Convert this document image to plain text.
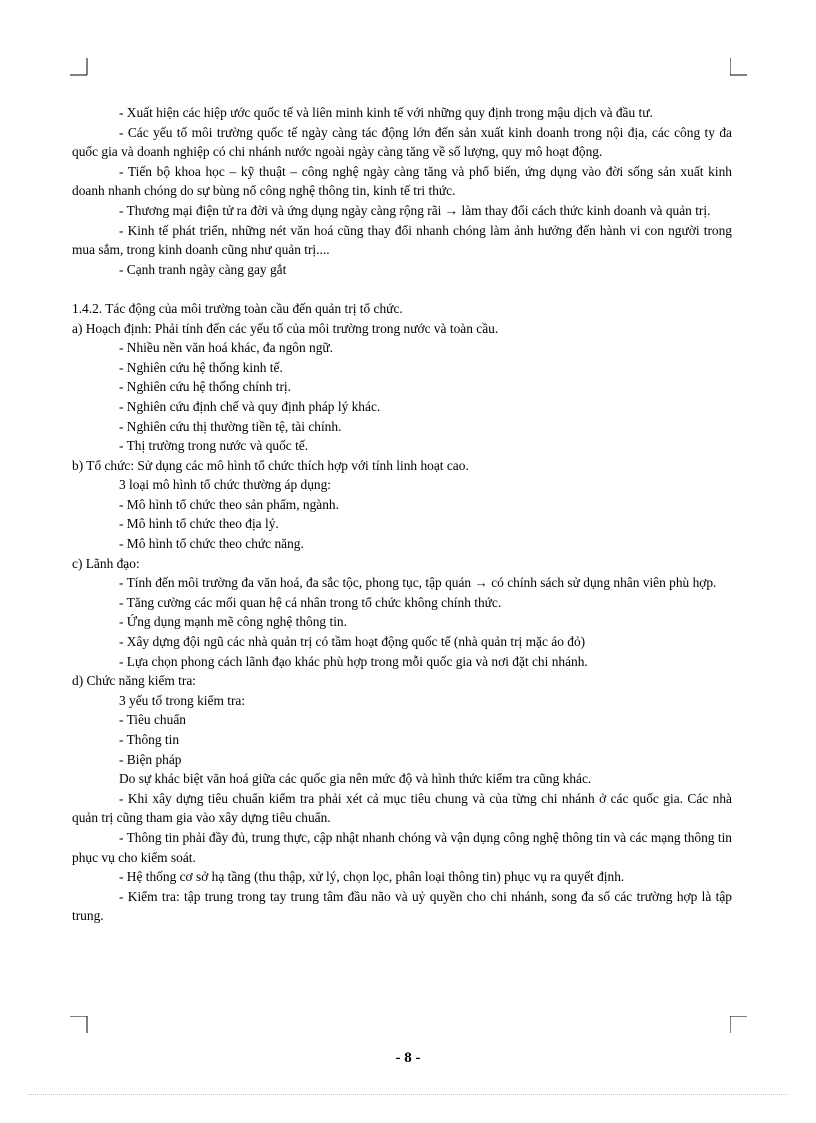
- Xuất hiện các hiệp ước quốc tế và liên minh kinh tế với những quy định trong mậu dịch và đầu tư.

- Các yếu tố môi trường quốc tế ngày càng tác động lớn đến sản xuất kinh doanh trong nội địa, các công ty đa quốc gia và doanh nghiệp có chi nhánh nước ngoài ngày càng tăng về số lượng, quy mô hoạt động.

- Tiến bộ khoa học – kỹ thuật – công nghệ ngày càng tăng và phổ biến, ứng dụng vào đời sống sản xuất kinh doanh nhanh chóng do sự bùng nổ công nghệ thông tin, kinh tế tri thức.

- Thương mại điện tử ra đời và ứng dụng ngày càng rộng rãi → làm thay đổi cách thức kinh doanh và quản trị.

- Kinh tế phát triển, những nét văn hoá cũng thay đổi nhanh chóng làm ảnh hưởng đến hành vi con người trong mua sắm, trong kinh doanh cũng như quản trị....

- Cạnh tranh ngày càng gay gắt

1.4.2. Tác động của môi trường toàn cầu đến quản trị tổ chức.

a) Hoạch định: Phải tính đến các yếu tố của môi trường trong nước và toàn cầu.

- Nhiều nền văn hoá khác, đa ngôn ngữ.

- Nghiên cứu hệ thống kinh tế.

- Nghiên cứu hệ thống chính trị.

- Nghiên cứu định chế và quy định pháp lý khác.

- Nghiên cứu thị thường tiền tệ, tài chính.

- Thị trường trong nước và quốc tế.

b) Tổ chức: Sử dụng các mô hình tổ chức thích hợp với tính linh hoạt cao.

3 loại mô hình tổ chức thường áp dụng:

- Mô hình tổ chức theo sản phẩm, ngành.

- Mô hình tổ chức theo địa lý.

- Mô hình tổ chức theo chức năng.

c) Lãnh đạo:

- Tính đến môi trường đa văn hoá, đa sắc tộc, phong tục, tập quán → có chính sách sử dụng nhân viên phù hợp.

- Tăng cường các mối quan hệ cá nhân trong tổ chức không chính thức.

- Ứng dụng mạnh mẽ công nghệ thông tin.

- Xây dựng đội ngũ các nhà quản trị có tầm hoạt động quốc tế (nhà quản trị mặc áo đỏ)

- Lựa chọn phong cách lãnh đạo khác phù hợp trong mỗi quốc gia và nơi đặt chi nhánh.

d) Chức năng kiểm tra:

3 yếu tố trong kiểm tra:

- Tiêu chuẩn

- Thông tin

- Biện pháp

Do sự khác biệt văn hoá giữa các quốc gia nên mức độ và hình thức kiểm tra cũng khác.

- Khi xây dựng tiêu chuẩn kiểm tra phải xét cả mục tiêu chung và của từng chi nhánh ở các quốc gia. Các nhà quản trị cũng tham gia vào xây dựng tiêu chuẩn.

- Thông tin phải đầy đủ, trung thực, cập nhật nhanh chóng và vận dụng công nghệ thông tin và các mạng thông tin phục vụ cho kiểm soát.

- Hệ thống cơ sở hạ tầng (thu thập, xử lý, chọn lọc, phân loại thông tin) phục vụ ra quyết định.

- Kiểm tra: tập trung trong tay trung tâm đầu não và uỷ quyền cho chi nhánh, song đa số các trường hợp là tập trung.

- 8 -
